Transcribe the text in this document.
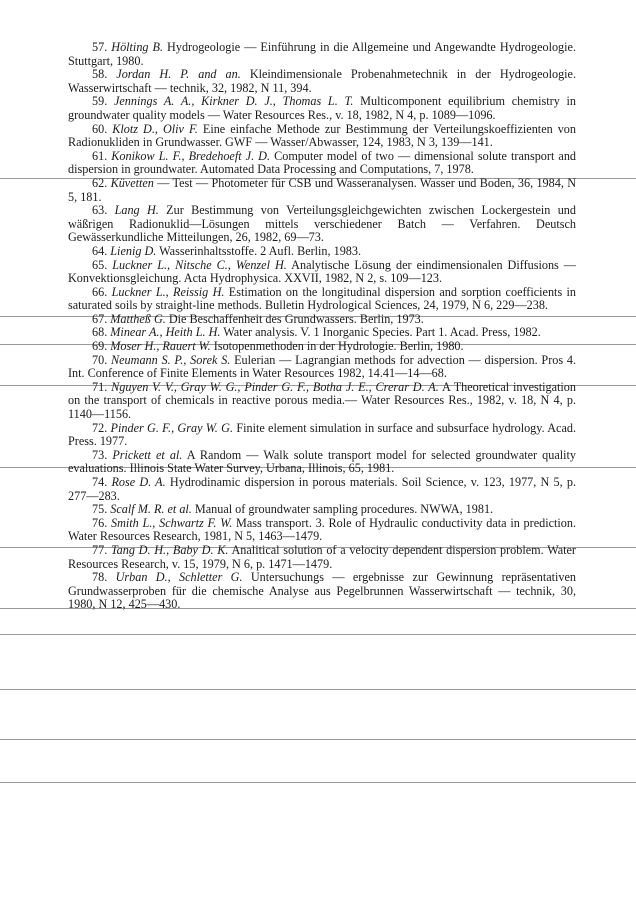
57. Hölting B. Hydrogeologie — Einführung in die Allgemeine und Angewandte Hydrogeologie. Stuttgart, 1980.

58. Jordan H. P. and an. Kleindimensionale Probenahmetechnik in der Hydrogeologie. Wasserwirtschaft — technik, 32, 1982, N 11, 394.

59. Jennings A. A., Kirkner D. J., Thomas L. T. Multicomponent equilibrium chemistry in groundwater quality models — Water Resources Res., v. 18, 1982, N 4, p. 1089—1096.

60. Klotz D., Oliv F. Eine einfache Methode zur Bestimmung der Verteilungskoeffizienten von Radionukliden in Grundwasser. GWF — Wasser/Abwasser, 124, 1983, N 3, 139—141.

61. Konikow L. F., Bredehoeft J. D. Computer model of two — dimensional solute transport and dispersion in groundwater. Automated Data Processing and Computations, 7, 1978.

62. Küvetten — Test — Photometer für CSB und Wasseranalysen. Wasser und Boden, 36, 1984, N 5, 181.

63. Lang H. Zur Bestimmung von Verteilungsgleichgewichten zwischen Lockergestein und wäßrigen Radionuklid—Lösungen mittels verschiedener Batch — Verfahren. Deutsch Gewässerkundliche Mitteilungen, 26, 1982, 69—73.

64. Lienig D. Wasserinhaltsstoffe. 2 Aufl. Berlin, 1983.

65. Luckner L., Nitsche C., Wenzel H. Analytische Lösung der eindimensionalen Diffusions — Konvektionsgleichung. Acta Hydrophysica. XXVII, 1982, N 2, s. 109—123.

66. Luckner L., Reissig H. Estimation on the longitudinal dispersion and sorption coefficients in saturated soils by straight-line methods. Bulletin Hydrological Sciences, 24, 1979, N 6, 229—238.

67. Mattheß G. Die Beschaffenheit des Grundwassers. Berlin, 1973.

68. Minear A., Heith L. H. Water analysis. V. 1 Inorganic Species. Part 1. Acad. Press, 1982.

69. Moser H., Rauert W. Isotopenmethoden in der Hydrologie. Berlin, 1980.

70. Neumann S. P., Sorek S. Eulerian — Lagrangian methods for advection — dispersion. Pros 4. Int. Conference of Finite Elements in Water Resources 1982, 14.41—14—68.

71. Nguyen V. V., Gray W. G., Pinder G. F., Botha J. E., Crerar D. A. A Theoretical investigation on the transport of chemicals in reactive porous media.— Water Resources Res., 1982, v. 18, N 4, p. 1140—1156.

72. Pinder G. F., Gray W. G. Finite element simulation in surface and subsurface hydrology. Acad. Press. 1977.

73. Prickett et al. A Random — Walk solute transport model for selected groundwater quality evaluations. Illinois State Water Survey, Urbana, Illinois, 65, 1981.

74. Rose D. A. Hydrodinamic dispersion in porous materials. Soil Science, v. 123, 1977, N 5, p. 277—283.

75. Scalf M. R. et al. Manual of groundwater sampling procedures. NWWA, 1981.

76. Smith L., Schwartz F. W. Mass transport. 3. Role of Hydraulic conductivity data in prediction. Water Resources Research, 1981, N 5, 1463—1479.

77. Tang D. H., Baby D. K. Analitical solution of a velocity dependent dispersion problem. Water Resources Research, v. 15, 1979, N 6, p. 1471—1479.

78. Urban D., Schletter G. Untersuchungs — ergebnisse zur Gewinnung repräsentativen Grundwasserproben für die chemische Analyse aus Pegelbrunnen Wasserwirtschaft — technik, 30, 1980, N 12, 425—430.
